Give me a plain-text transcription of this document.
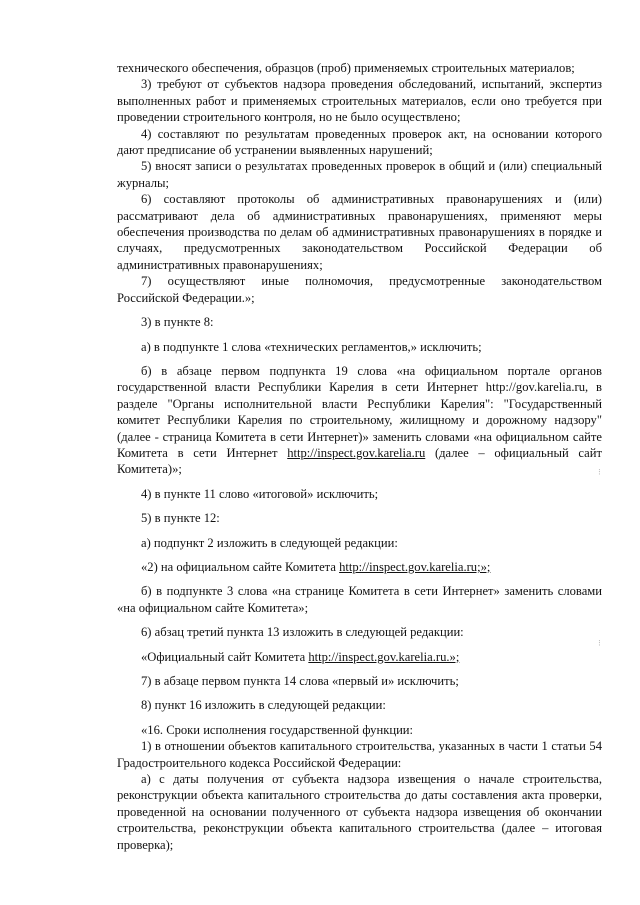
технического обеспечения, образцов (проб) применяемых строительных материалов;

3) требуют от субъектов надзора проведения обследований, испытаний, экспертиз выполненных работ и применяемых строительных материалов, если оно требуется при проведении строительного контроля, но не было осуществлено;

4) составляют по результатам проведенных проверок акт, на основании которого дают предписание об устранении выявленных нарушений;

5) вносят записи о результатах проведенных проверок в общий и (или) специальный журналы;

6) составляют протоколы об административных правонарушениях и (или) рассматривают дела об административных правонарушениях, применяют меры обеспечения производства по делам об административных правонарушениях в порядке и случаях, предусмотренных законодательством Российской Федерации об административных правонарушениях;

7) осуществляют иные полномочия, предусмотренные законодательством Российской Федерации.»;

3) в пункте 8:

а) в подпункте 1 слова «технических регламентов,» исключить;

б) в абзаце первом подпункта 19 слова «на официальном портале органов государственной власти Республики Карелия в сети Интернет http://gov.karelia.ru, в разделе "Органы исполнительной власти Республики Карелия": "Государственный комитет Республики Карелия по строительному, жилищному и дорожному надзору" (далее - страница Комитета в сети Интернет)» заменить словами «на официальном сайте Комитета в сети Интернет http://inspect.gov.karelia.ru (далее – официальный сайт Комитета)»;

4) в пункте 11 слово «итоговой» исключить;

5) в пункте 12:

а) подпункт 2 изложить в следующей редакции:

«2) на официальном сайте Комитета http://inspect.gov.karelia.ru;»;

б) в подпункте 3 слова «на странице Комитета в сети Интернет» заменить словами «на официальном сайте Комитета»;

6) абзац третий пункта 13 изложить в следующей редакции:

«Официальный сайт Комитета http://inspect.gov.karelia.ru.»;

7) в абзаце первом пункта 14 слова «первый и» исключить;

8) пункт 16 изложить в следующей редакции:

«16. Сроки исполнения государственной функции:

1) в отношении объектов капитального строительства, указанных в части 1 статьи 54 Градостроительного кодекса Российской Федерации:

а) с даты получения от субъекта надзора извещения о начале строительства, реконструкции объекта капитального строительства до даты составления акта проверки, проведенной на основании полученного от субъекта надзора извещения об окончании строительства, реконструкции объекта капитального строительства (далее – итоговая проверка);

⁝
⁝
